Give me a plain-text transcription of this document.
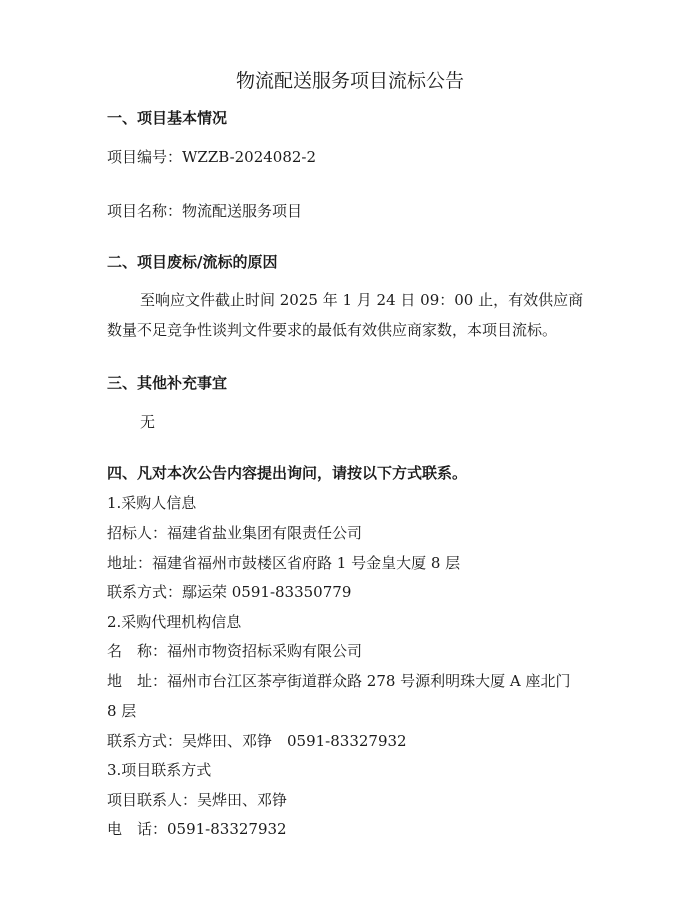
物流配送服务项目流标公告
一、项目基本情况
项目编号：WZZB-2024082-2
项目名称：物流配送服务项目
二、项目废标/流标的原因
至响应文件截止时间 2025 年 1 月 24 日 09：00 止，有效供应商
数量不足竞争性谈判文件要求的最低有效供应商家数，本项目流标。
三、其他补充事宜
无
四、凡对本次公告内容提出询问，请按以下方式联系。
1.采购人信息
招标人：福建省盐业集团有限责任公司
地址：福建省福州市鼓楼区省府路 1 号金皇大厦 8 层
联系方式：鄢运荣 0591-83350779
2.采购代理机构信息
名　称：福州市物资招标采购有限公司
地　址：福州市台江区茶亭街道群众路 278 号源利明珠大厦 A 座北门
8 层
联系方式：吴烨田、邓铮　0591-83327932
3.项目联系方式
项目联系人：吴烨田、邓铮
电　话：0591-83327932
